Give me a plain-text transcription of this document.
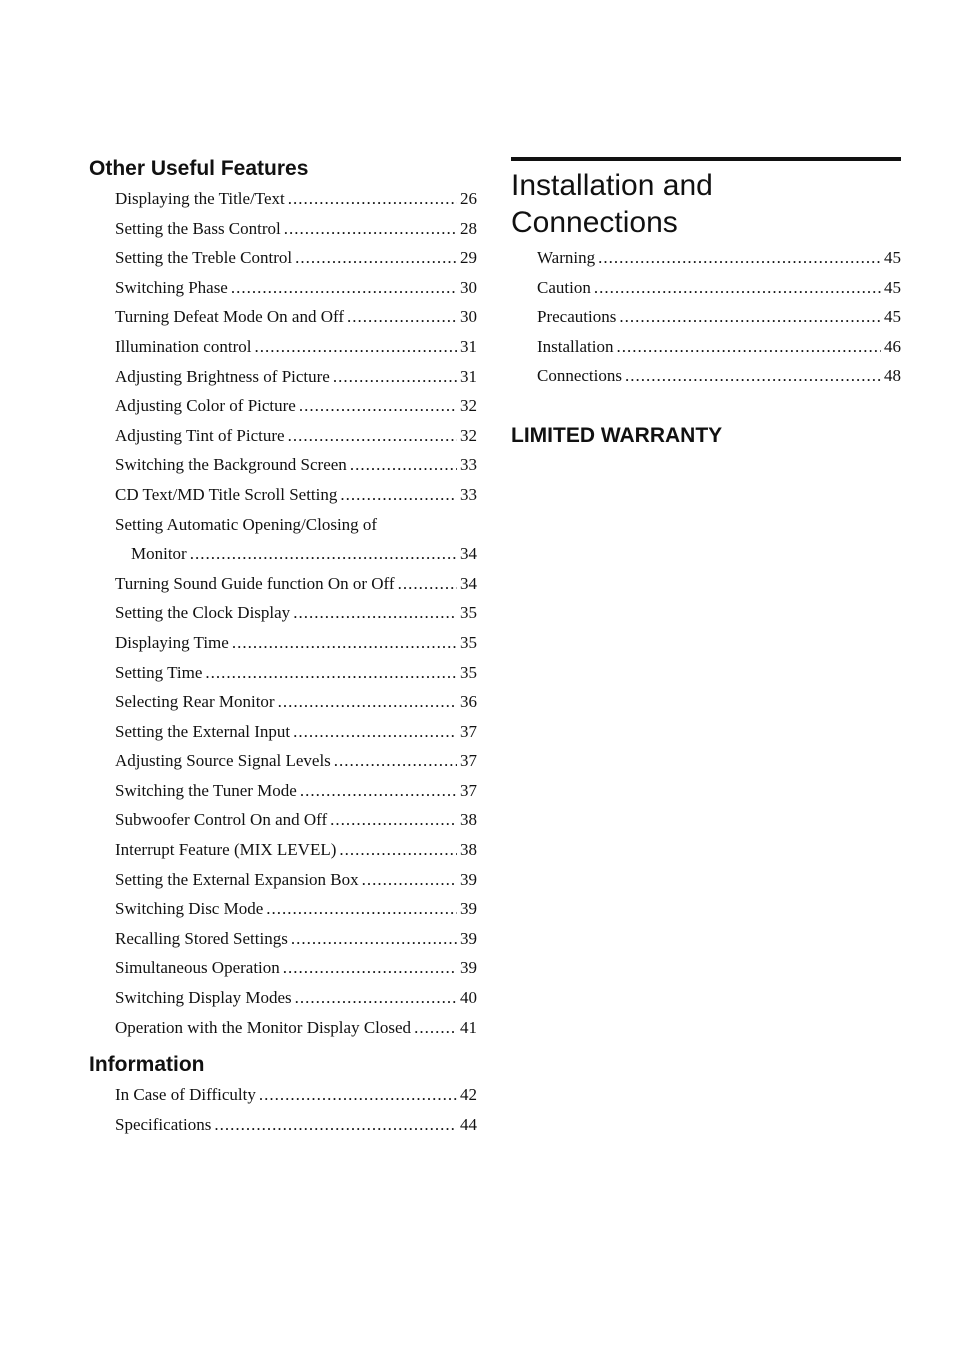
Other Useful Features
Displaying the Title/Text .....	26
Setting the Bass Control .....	28
Setting the Treble Control .....	29
Switching Phase .....	30
Turning Defeat Mode On and Off .....	30
Illumination control .....	31
Adjusting Brightness of Picture .....	31
Adjusting Color of Picture .....	32
Adjusting Tint of Picture .....	32
Switching the Background Screen .....	33
CD Text/MD Title Scroll Setting .....	33
Setting Automatic Opening/Closing of
Monitor .....	34
Turning Sound Guide function On or Off .....	34
Setting the Clock Display .....	35
Displaying Time .....	35
Setting Time .....	35
Selecting Rear Monitor .....	36
Setting the External Input .....	37
Adjusting Source Signal Levels .....	37
Switching the Tuner Mode .....	37
Subwoofer Control On and Off .....	38
Interrupt Feature (MIX LEVEL) .....	38
Setting the External Expansion Box .....	39
Switching Disc Mode .....	39
Recalling Stored Settings .....	39
Simultaneous Operation .....	39
Switching Display Modes .....	40
Operation with the Monitor Display Closed .....	41
Information
In Case of Difficulty .....	42
Specifications .....	44
Installation and
Connections
Warning .....	45
Caution .....	45
Precautions .....	45
Installation .....	46
Connections .....	48
LIMITED WARRANTY
